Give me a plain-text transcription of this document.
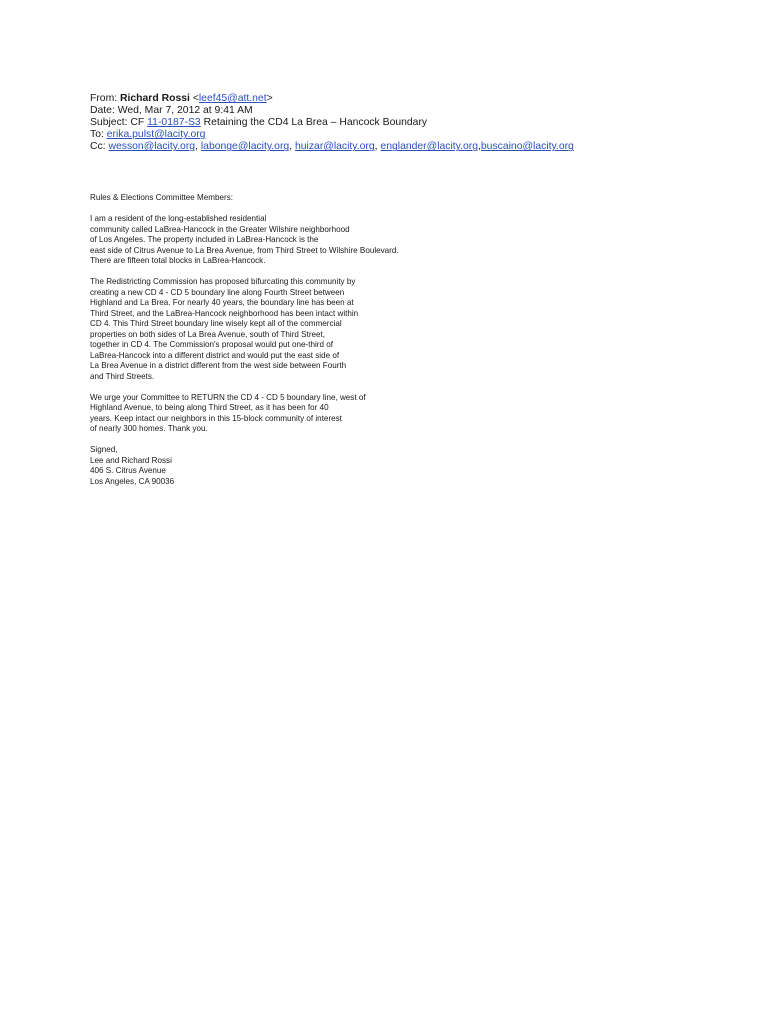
From: Richard Rossi <leef45@att.net>
Date: Wed, Mar 7, 2012 at 9:41 AM
Subject: CF 11-0187-S3 Retaining the CD4 La Brea – Hancock Boundary
To: erika.pulst@lacity.org
Cc: wesson@lacity.org, labonge@lacity.org, huizar@lacity.org, englander@lacity.org,buscaino@lacity.org
Rules & Elections Committee Members:
I am a resident of the long-established residential
community called LaBrea-Hancock in the Greater Wilshire neighborhood
of Los Angeles. The property included in LaBrea-Hancock is the
east side of Citrus Avenue to La Brea Avenue, from Third Street to Wilshire Boulevard.
There are fifteen total blocks in LaBrea-Hancock.
The Redistricting Commission has proposed bifurcating this community by
creating a new CD 4 - CD 5 boundary line along Fourth Street between
Highland and La Brea. For nearly 40 years, the boundary line has been at
Third Street, and the LaBrea-Hancock neighborhood has been intact within
CD 4. This Third Street boundary line wisely kept all of the commercial
properties on both sides of La Brea Avenue, south of Third Street,
together in CD 4. The Commission's proposal would put one-third of
LaBrea-Hancock into a different district and would put the east side of
La Brea Avenue in a district different from the west side between Fourth
and Third Streets.
We urge your Committee to RETURN the CD 4 - CD 5 boundary line, west of
Highland Avenue, to being along Third Street, as it has been for 40
years. Keep intact our neighbors in this 15-block community of interest
of nearly 300 homes. Thank you.
Signed,
Lee and Richard Rossi
406 S. Citrus Avenue
Los Angeles, CA 90036
